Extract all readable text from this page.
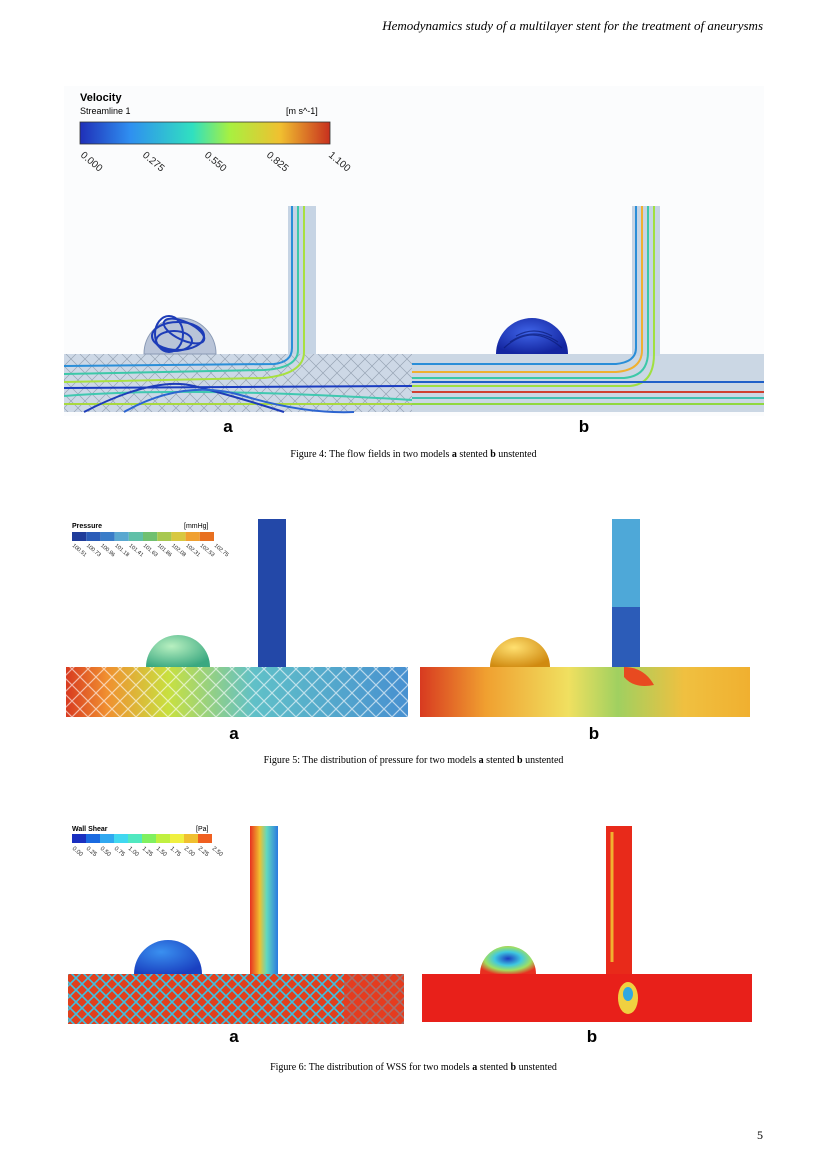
Hemodynamics study of a multilayer stent for the treatment of aneurysms
Velocity
Streamline 1	[m s^-1]
0.000	0.275	0.550	0.825	1.100
a	b
Figure 4: The flow fields in two models a stented b unstented
Pressure	[mmHg]
100.51
100.73
100.96
101.18
101.41
101.63
101.86
102.08
102.31
102.53
102.75
a	b
Figure 5: The distribution of pressure for two models a stented b unstented
Wall Shear	[Pa]
0.00 0.25 0.50 0.75 1.00 1.25 1.50 1.75 2.00 2.25 2.50
a	b
Figure 6: The distribution of WSS for two models a stented b unstented
5
